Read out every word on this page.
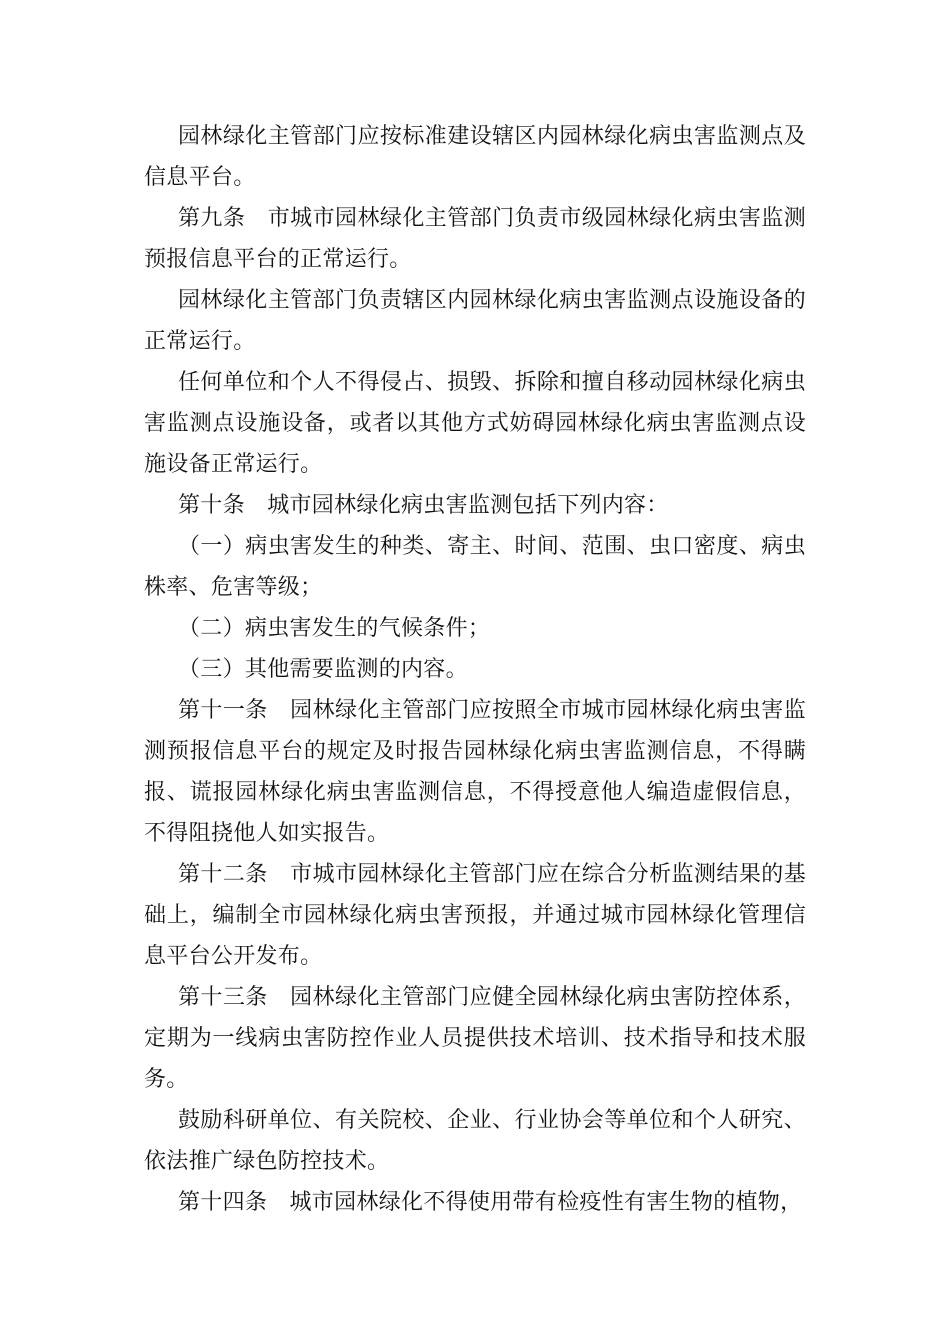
园林绿化主管部门应按标准建设辖区内园林绿化病虫害监测点及信息平台。

第九条　市城市园林绿化主管部门负责市级园林绿化病虫害监测预报信息平台的正常运行。

园林绿化主管部门负责辖区内园林绿化病虫害监测点设施设备的正常运行。

任何单位和个人不得侵占、损毁、拆除和擅自移动园林绿化病虫害监测点设施设备，或者以其他方式妨碍园林绿化病虫害监测点设施设备正常运行。

第十条　城市园林绿化病虫害监测包括下列内容：

（一）病虫害发生的种类、寄主、时间、范围、虫口密度、病虫株率、危害等级；

（二）病虫害发生的气候条件；

（三）其他需要监测的内容。

第十一条　园林绿化主管部门应按照全市城市园林绿化病虫害监测预报信息平台的规定及时报告园林绿化病虫害监测信息，不得瞒报、谎报园林绿化病虫害监测信息，不得授意他人编造虚假信息，不得阻挠他人如实报告。

第十二条　市城市园林绿化主管部门应在综合分析监测结果的基础上，编制全市园林绿化病虫害预报，并通过城市园林绿化管理信息平台公开发布。

第十三条　园林绿化主管部门应健全园林绿化病虫害防控体系，定期为一线病虫害防控作业人员提供技术培训、技术指导和技术服务。

鼓励科研单位、有关院校、企业、行业协会等单位和个人研究、依法推广绿色防控技术。

第十四条　城市园林绿化不得使用带有检疫性有害生物的植物，
